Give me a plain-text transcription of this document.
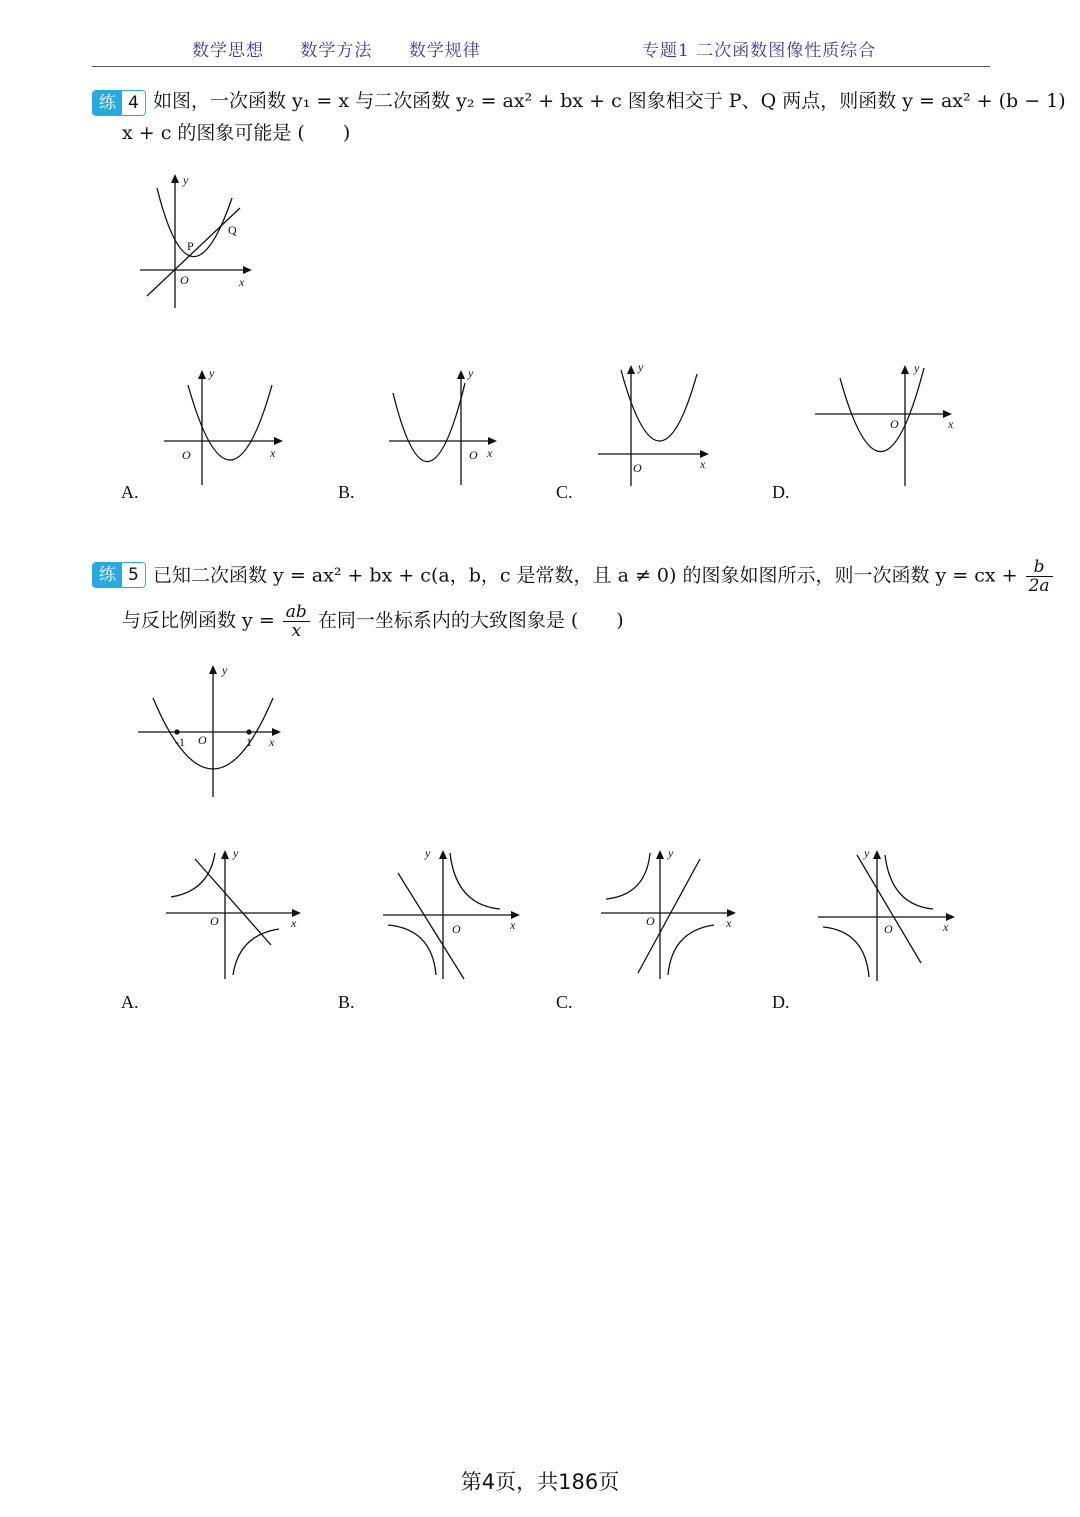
数学思想 数学方法 数学规律	专题1 二次函数图像性质综合
练 4 如图，一次函数 y₁ = x 与二次函数 y₂ = ax² + bx + c 图象相交于 P、Q 两点，则函数 y = ax² + (b − 1)
x + c 的图象可能是 (　　)
y
x
O
P
Q
y
x
O
A.
y
x
O
B.
y
x
O
C.
y
x
O
D.
练 5 已知二次函数 y = ax² + bx + c(a，b，c 是常数，且 a ≠ 0) 的图象如图所示，则一次函数 y = cx + $\frac{b}{2a}$
与反比例函数 $y = \frac{ab}{x}$ 在同一坐标系内的大致图象是 (　　)
y
x
O
-1	1
y
x
O
A.
y
x
O
B.
y
x
O
C.
y
x
O
D.
第4页，共186页
